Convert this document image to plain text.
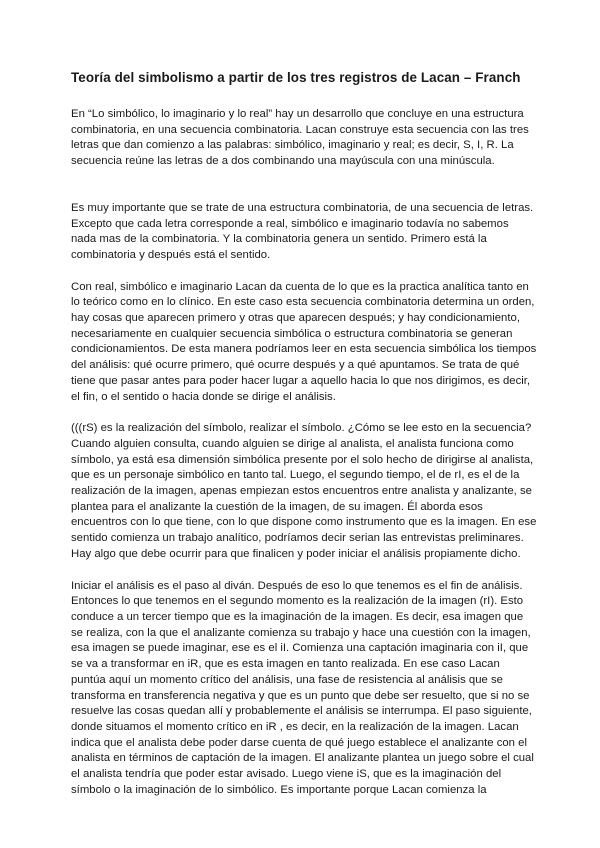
Teoría del simbolismo a partir de los tres registros de Lacan – Franch

En “Lo simbólico, lo imaginario y lo real” hay un desarrollo que concluye en una estructura
combinatoria, en una secuencia combinatoria. Lacan construye esta secuencia con las tres
letras que dan comienzo a las palabras: simbólico, imaginario y real; es decir, S, I, R. La
secuencia reúne las letras de a dos combinando una mayúscula con una minúscula.

Es muy importante que se trate de una estructura combinatoria, de una secuencia de letras.
Excepto que cada letra corresponde a real, simbólico e imaginario todavía no sabemos
nada mas de la combinatoria. Y la combinatoria genera un sentido. Primero está la
combinatoria y después está el sentido.

Con real, simbólico e imaginario Lacan da cuenta de lo que es la practica analítica tanto en
lo teórico como en lo clínico. En este caso esta secuencia combinatoria determina un orden,
hay cosas que aparecen primero y otras que aparecen después; y hay condicionamiento,
necesariamente en cualquier secuencia simbólica o estructura combinatoria se generan
condicionamientos. De esta manera podríamos leer en esta secuencia simbólica los tiempos
del análisis: qué ocurre primero, qué ocurre después y a qué apuntamos. Se trata de qué
tiene que pasar antes para poder hacer lugar a aquello hacia lo que nos dirigimos, es decir,
el fin, o el sentido o hacia donde se dirige el análisis.

(((rS) es la realización del símbolo, realizar el símbolo. ¿Cómo se lee esto en la secuencia?
Cuando alguien consulta, cuando alguien se dirige al analista, el analista funciona como
símbolo, ya está esa dimensión simbólica presente por el solo hecho de dirigirse al analista,
que es un personaje simbólico en tanto tal. Luego, el segundo tiempo, el de rI, es el de la
realización de la imagen, apenas empiezan estos encuentros entre analista y analizante, se
plantea para el analizante la cuestión de la imagen, de su imagen. Él aborda esos
encuentros con lo que tiene, con lo que dispone como instrumento que es la imagen. En ese
sentido comienza un trabajo analítico, podríamos decir serian las entrevistas preliminares.
Hay algo que debe ocurrir para que finalicen y poder iniciar el análisis propiamente dicho.

Iniciar el análisis es el paso al diván. Después de eso lo que tenemos es el fin de análisis.
Entonces lo que tenemos en el segundo momento es la realización de la imagen (rI). Esto
conduce a un tercer tiempo que es la imaginación de la imagen. Es decir, esa imagen que
se realiza, con la que el analizante comienza su trabajo y hace una cuestión con la imagen,
esa imagen se puede imaginar, ese es el iI. Comienza una captación imaginaria con iI, que
se va a transformar en iR, que es esta imagen en tanto realizada. En ese caso Lacan
puntúa aquí un momento crítico del análisis, una fase de resistencia al análisis que se
transforma en transferencia negativa y que es un punto que debe ser resuelto, que si no se
resuelve las cosas quedan allí y probablemente el análisis se interrumpa. El paso siguiente,
donde situamos el momento crítico en iR , es decir, en la realización de la imagen. Lacan
indica que el analista debe poder darse cuenta de qué juego establece el analizante con el
analista en términos de captación de la imagen. El analizante plantea un juego sobre el cual
el analista tendría que poder estar avisado. Luego viene iS, que es la imaginación del
símbolo o la imaginación de lo simbólico. Es importante porque Lacan comienza la
